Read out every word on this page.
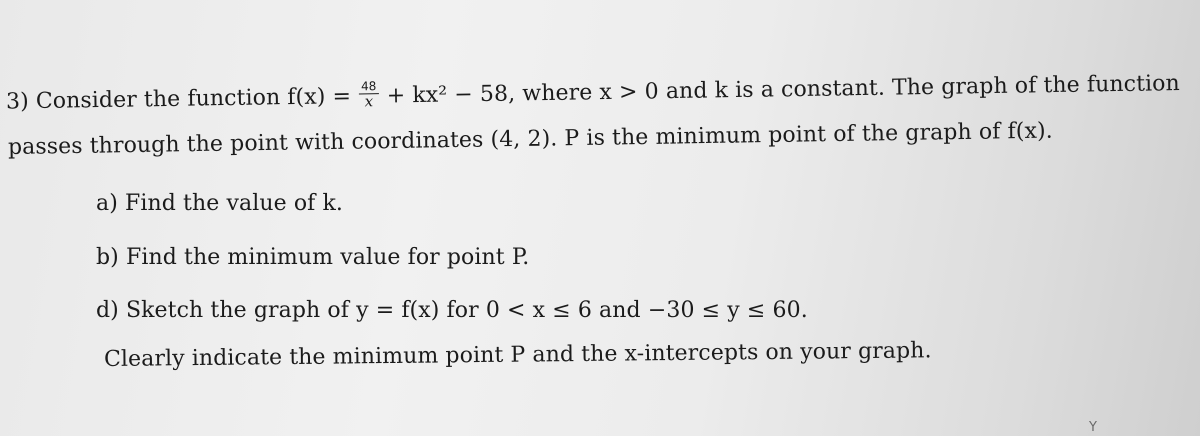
3) Consider the function $f(x) = \frac{48}{x} + kx^2 - 58$, where x > 0 and k is a constant. The graph of the function
passes through the point with coordinates (4, 2). P is the minimum point of the graph of f(x).
a) Find the value of k.
b) Find the minimum value for point P.
d) Sketch the graph of y = f(x) for 0 < x ≤ 6 and −30 ≤ y ≤ 60.
Clearly indicate the minimum point P and the x-intercepts on your graph.
Y
